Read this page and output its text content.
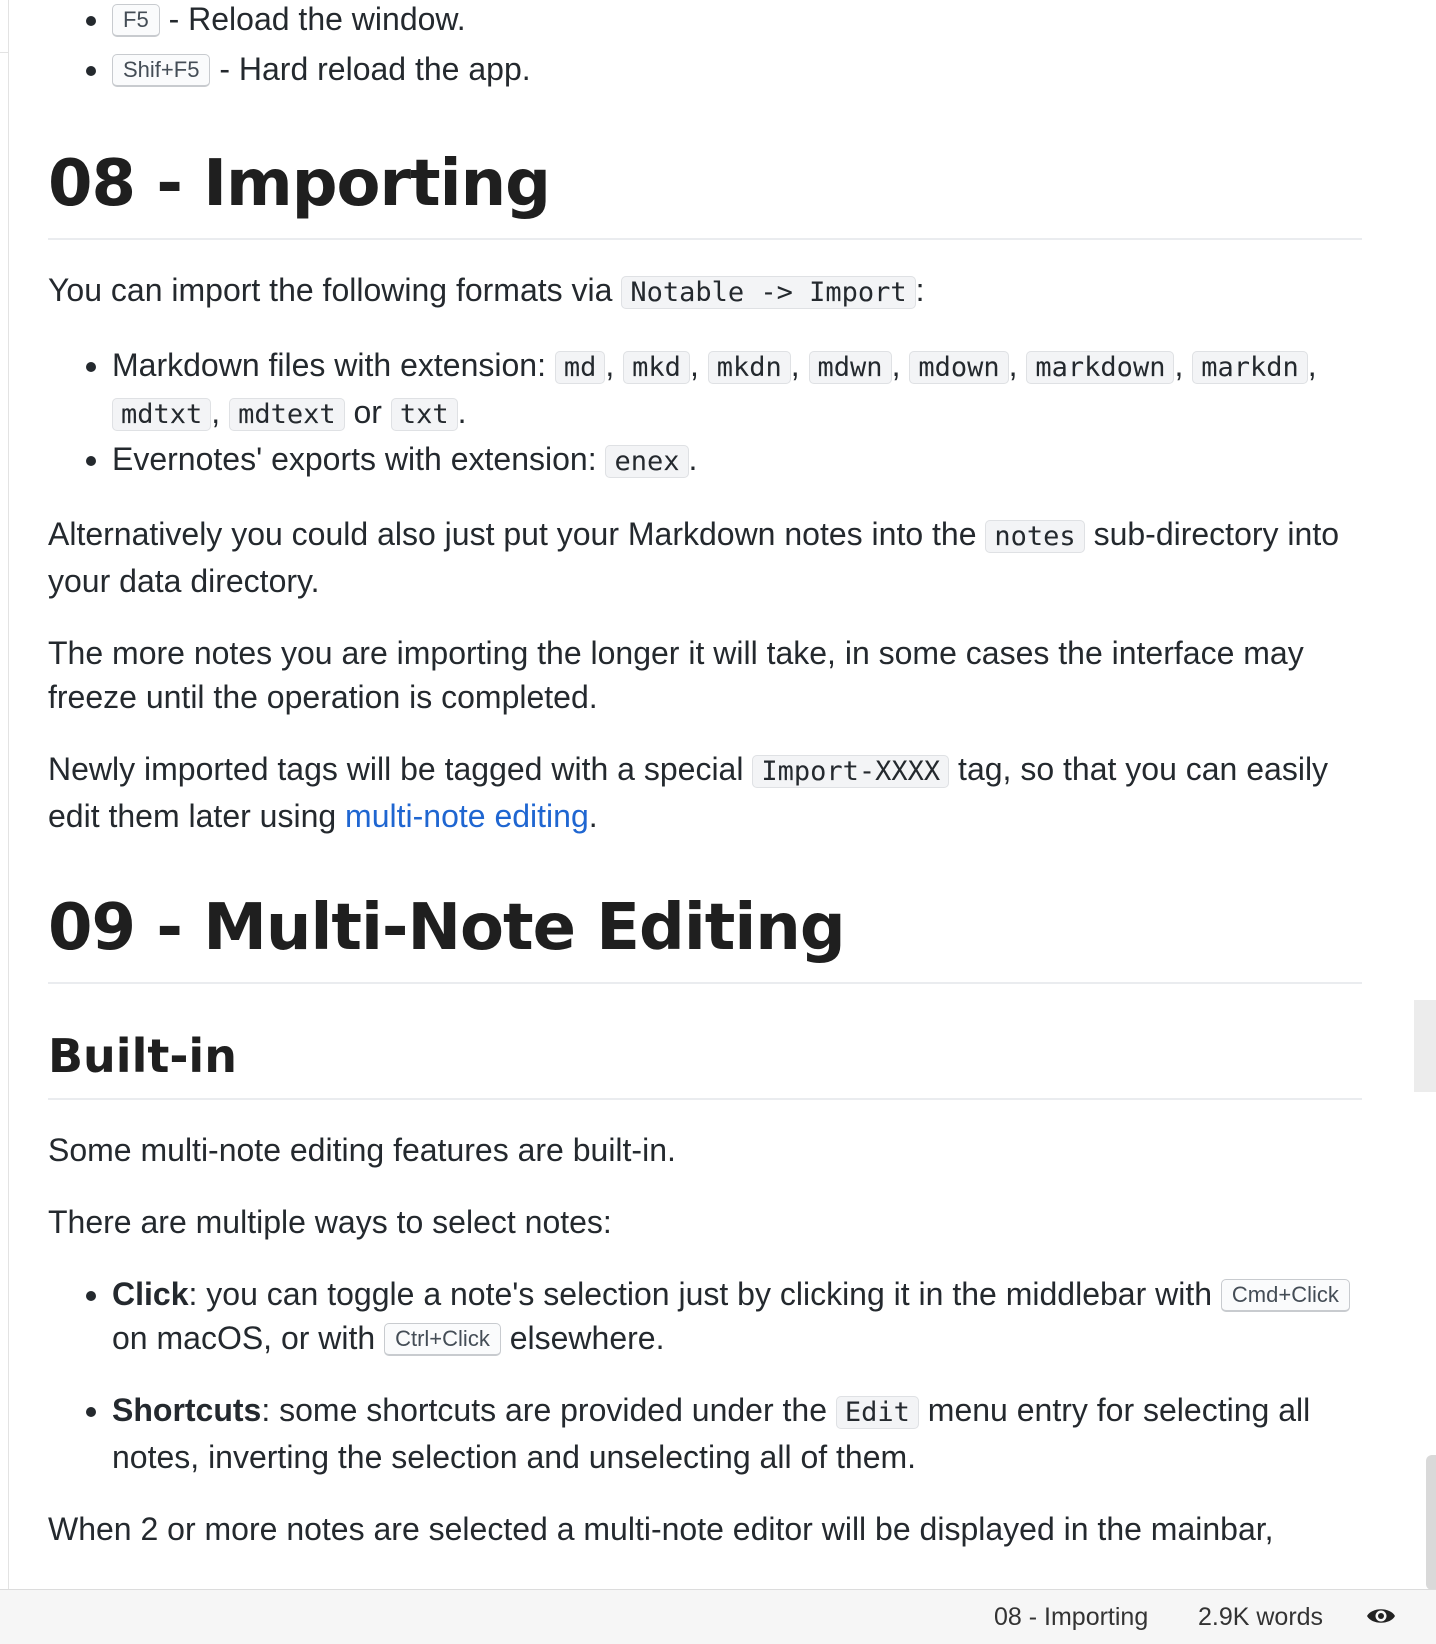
• F5 - Reload the window.
• Shif+F5 - Hard reload the app.
08 - Importing

You can import the following formats via Notable -> Import :

• Markdown files with extension: md , mkd , mkdn , mdwn , mdown , markdown , markdn , mdtxt , mdtext or txt .
• Evernotes' exports with extension: enex .

Alternatively you could also just put your Markdown notes into the notes sub-directory into your data directory.

The more notes you are importing the longer it will take, in some cases the interface may freeze until the operation is completed.

Newly imported tags will be tagged with a special Import-XXXX tag, so that you can easily edit them later using multi-note editing.

09 - Multi-Note Editing
Built-in

Some multi-note editing features are built-in.

There are multiple ways to select notes:

• Click: you can toggle a note's selection just by clicking it in the middlebar with Cmd+Click on macOS, or with Ctrl+Click elsewhere.
• Shortcuts: some shortcuts are provided under the Edit menu entry for selecting all notes, inverting the selection and unselecting all of them.

When 2 or more notes are selected a multi-note editor will be displayed in the mainbar,

08 - Importing 2.9K words
